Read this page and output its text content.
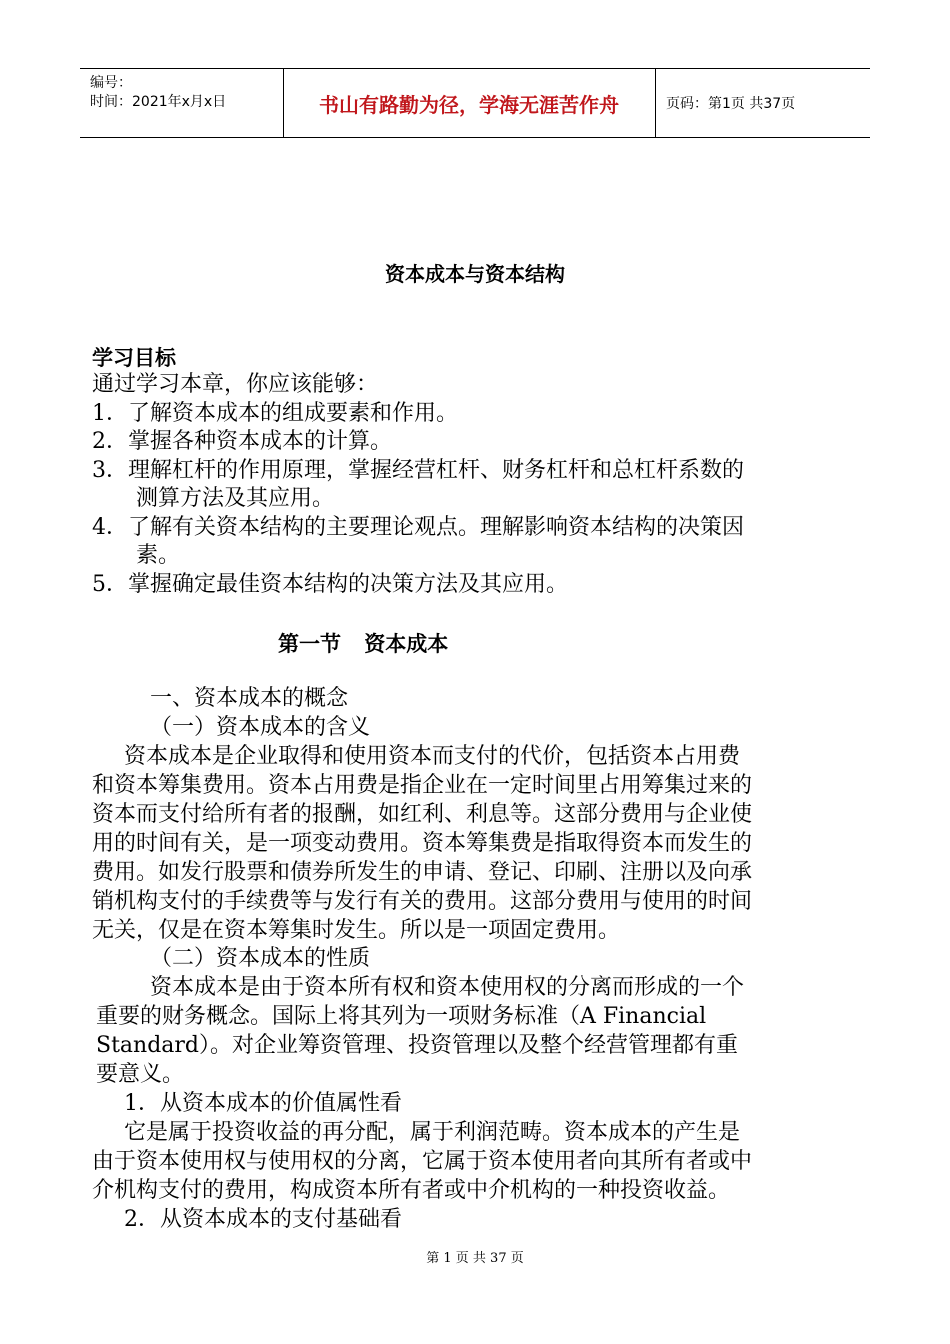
编号：
时间：2021年x月x日	书山有路勤为径，学海无涯苦作舟	页码：第1页 共37页
资本成本与资本结构
学习目标
通过学习本章，你应该能够：
1．了解资本成本的组成要素和作用。
2．掌握各种资本成本的计算。
3．理解杠杆的作用原理，掌握经营杠杆、财务杠杆和总杠杆系数的
测算方法及其应用。
4．了解有关资本结构的主要理论观点。理解影响资本结构的决策因
素。
5．掌握确定最佳资本结构的决策方法及其应用。
第一节 资本成本
一、资本成本的概念
（一）资本成本的含义
资本成本是企业取得和使用资本而支付的代价，包括资本占用费
和资本筹集费用。资本占用费是指企业在一定时间里占用筹集过来的
资本而支付给所有者的报酬，如红利、利息等。这部分费用与企业使
用的时间有关，是一项变动费用。资本筹集费是指取得资本而发生的
费用。如发行股票和债券所发生的申请、登记、印刷、注册以及向承
销机构支付的手续费等与发行有关的费用。这部分费用与使用的时间
无关，仅是在资本筹集时发生。所以是一项固定费用。
（二）资本成本的性质
资本成本是由于资本所有权和资本使用权的分离而形成的一个
重要的财务概念。国际上将其列为一项财务标准（A Financial
Standard）。对企业筹资管理、投资管理以及整个经营管理都有重
要意义。
1．从资本成本的价值属性看
它是属于投资收益的再分配，属于利润范畴。资本成本的产生是
由于资本使用权与使用权的分离，它属于资本使用者向其所有者或中
介机构支付的费用，构成资本所有者或中介机构的一种投资收益。
2．从资本成本的支付基础看
第 1 页 共 37 页
